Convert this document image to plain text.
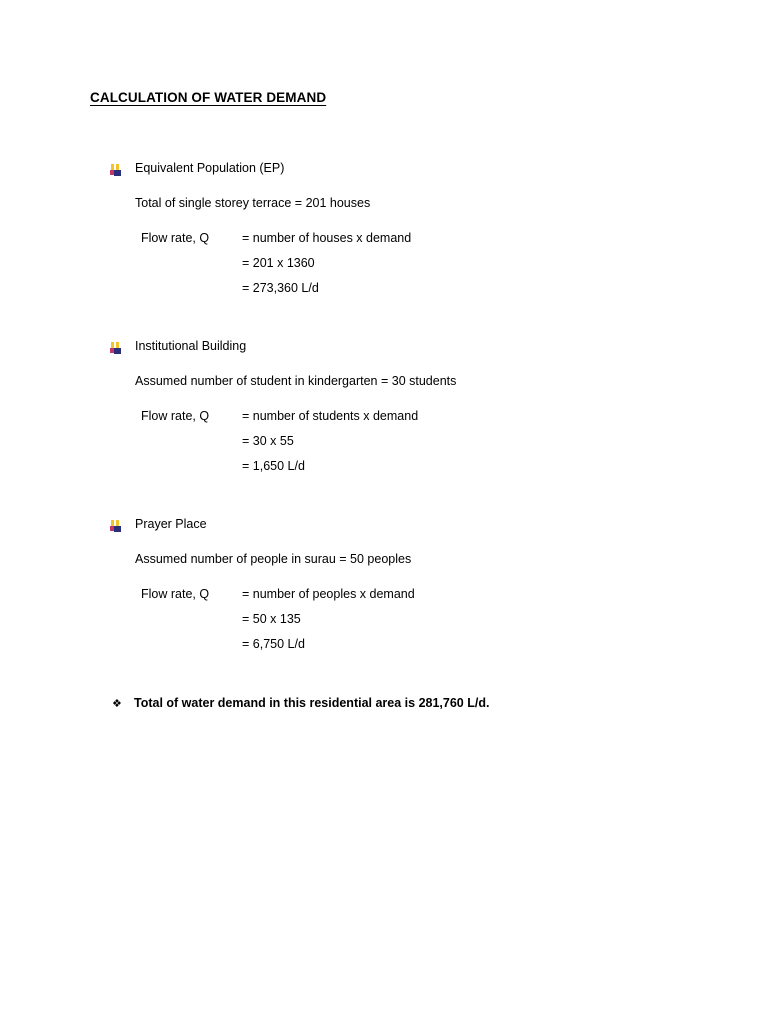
CALCULATION OF WATER DEMAND
Equivalent Population (EP)
Total of single storey terrace = 201 houses
Flow rate, Q	= number of houses x demand
= 201 x 1360
= 273,360 L/d
Institutional Building
Assumed number of student in kindergarten = 30 students
Flow rate, Q	= number of students x demand
= 30 x 55
= 1,650 L/d
Prayer Place
Assumed number of people in surau = 50 peoples
Flow rate, Q	= number of peoples x demand
= 50 x 135
= 6,750 L/d
❖ Total of water demand in this residential area is 281,760 L/d.
